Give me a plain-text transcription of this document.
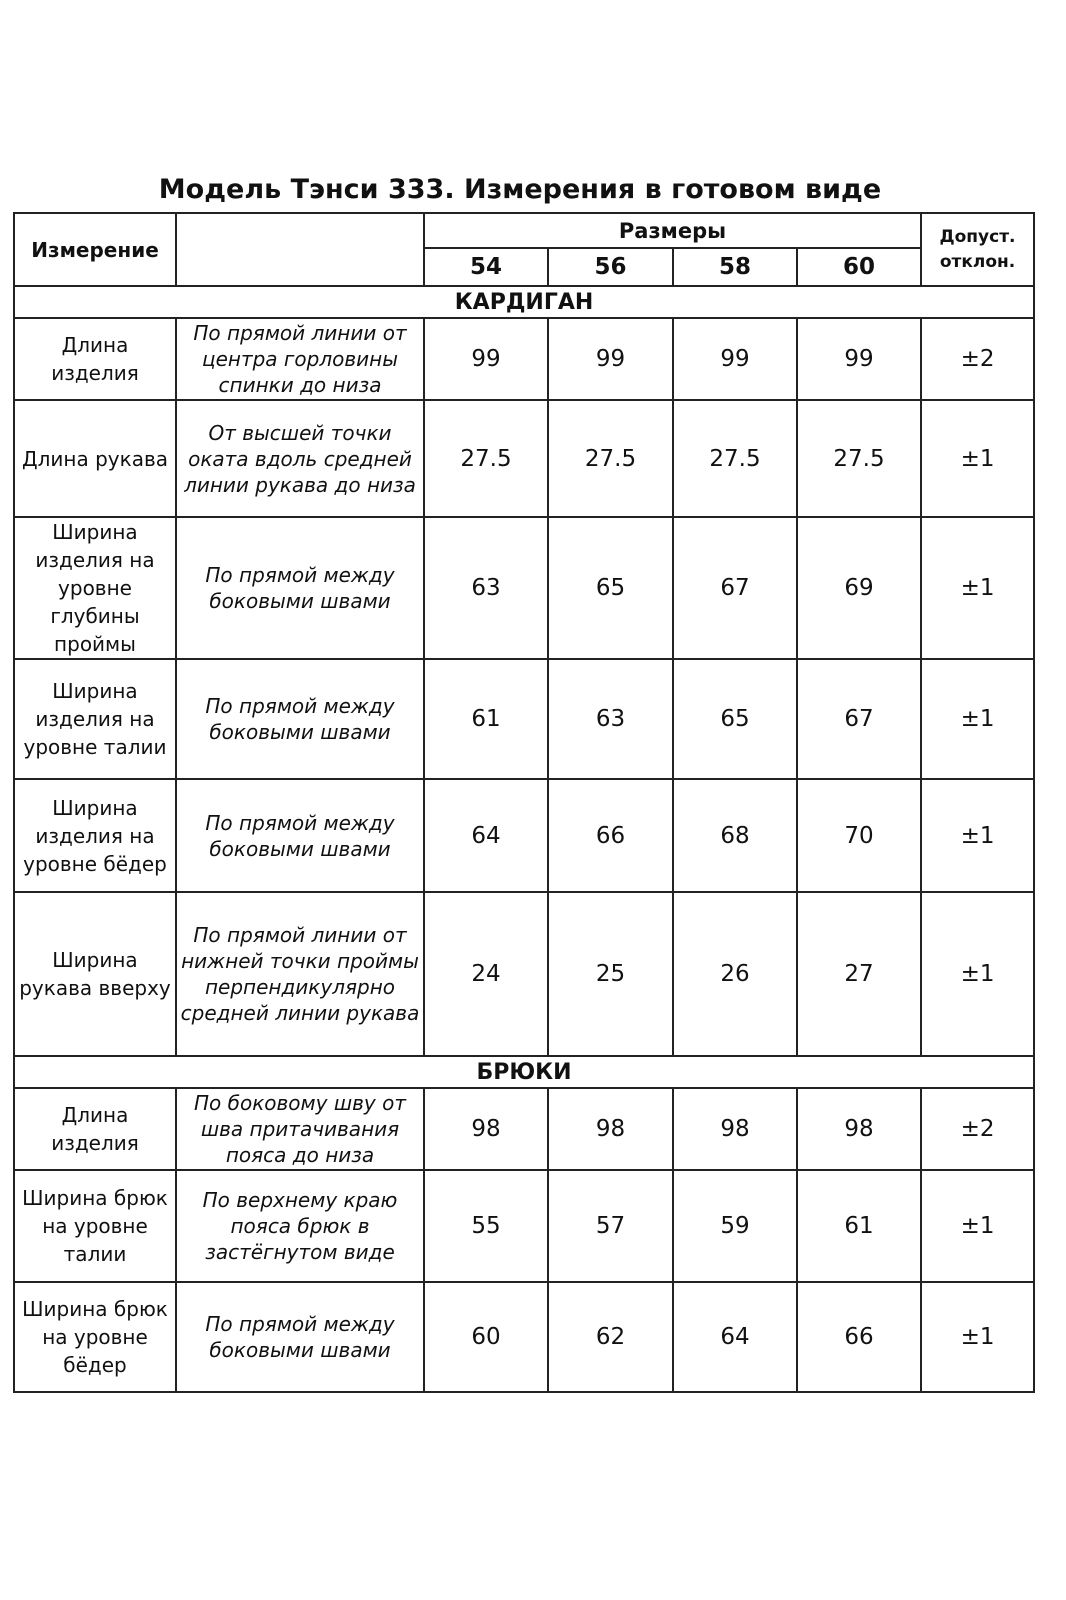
Модель Тэнси 333. Измерения в готовом виде
Измерение		Размеры				Допуст. отклон.
		54	56	58	60	
КАРДИГАН						
Длина изделия	По прямой линии от центра горловины спинки до низа	99	99	99	99	±2
Длина рукава	От высшей точки оката вдоль средней линии рукава до низа	27.5	27.5	27.5	27.5	±1
Ширина изделия на уровне глубины проймы	По прямой между боковыми швами	63	65	67	69	±1
Ширина изделия на уровне талии	По прямой между боковыми швами	61	63	65	67	±1
Ширина изделия на уровне бёдер	По прямой между боковыми швами	64	66	68	70	±1
Ширина рукава вверху	По прямой линии от нижней точки проймы перпендикулярно средней линии рукава	24	25	26	27	±1
БРЮКИ						
Длина изделия	По боковому шву от шва притачивания пояса до низа	98	98	98	98	±2
Ширина брюк на уровне талии	По верхнему краю пояса брюк в застёгнутом виде	55	57	59	61	±1
Ширина брюк на уровне бёдер	По прямой между боковыми швами	60	62	64	66	±1
